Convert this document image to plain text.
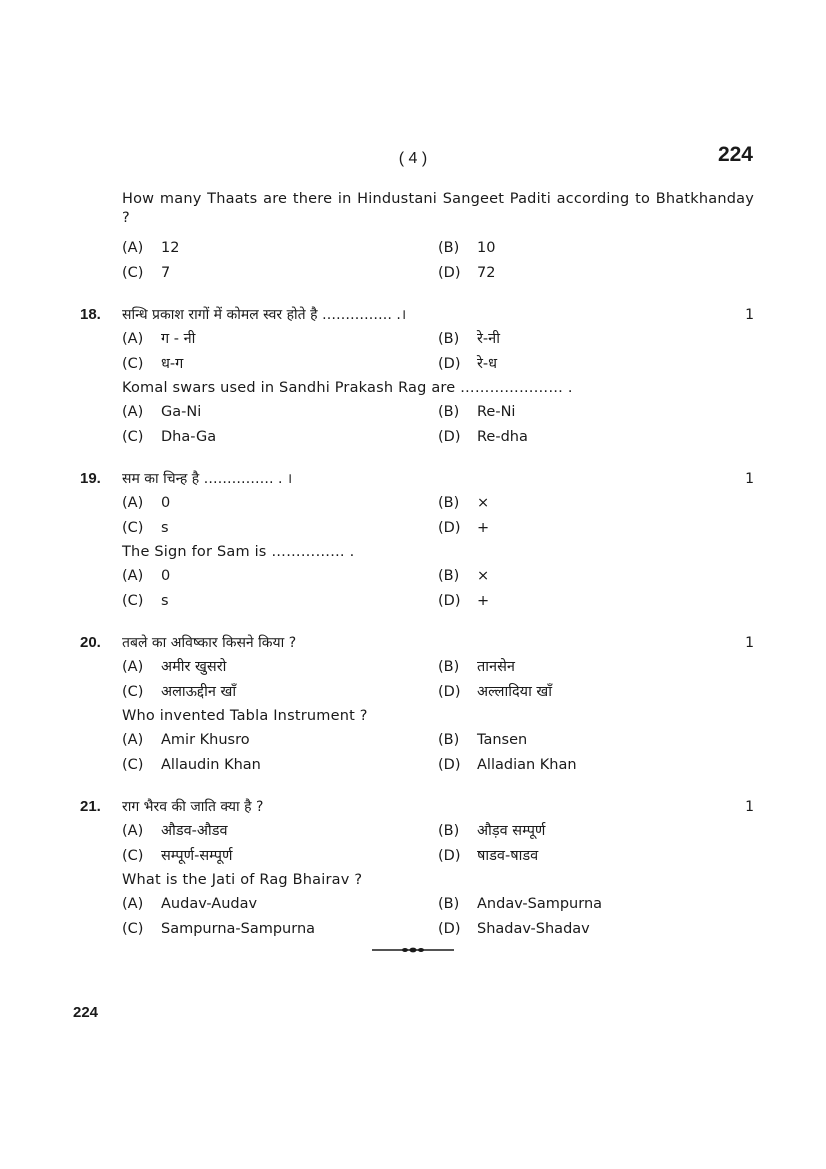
( 4 )	224
How many Thaats are there in Hindustani Sangeet Paditi according to Bhatkhanday ?
(A)	12	(B)	10
(C)	7	(D)	72
18. सन्धि प्रकाश रागों में कोमल स्वर होते है …………… .।	1
(A)	ग - नी	(B)	रे-नी
(C)	ध-ग	(D)	रे-ध
Komal swars used in Sandhi Prakash Rag are ………………… .
(A)	Ga-Ni	(B)	Re-Ni
(C)	Dha-Ga	(D)	Re-dha
19. सम का चिन्ह है …………… . ।	1
(A)	0	(B)	×
(C)	s	(D)	+
The Sign for Sam is …………… .
(A)	0	(B)	×
(C)	s	(D)	+
20. तबले का अविष्कार किसने किया ?	1
(A)	अमीर खुसरो	(B)	तानसेन
(C)	अलाऊद्दीन खाँ	(D)	अल्लादिया खाँ
Who invented Tabla Instrument ?
(A)	Amir Khusro	(B)	Tansen
(C)	Allaudin Khan	(D)	Alladian Khan
21. राग भैरव की जाति क्या है ?	1
(A)	औडव-औडव	(B)	औड़व सम्पूर्ण
(C)	सम्पूर्ण-सम्पूर्ण	(D)	षाडव-षाडव
What is the Jati of Rag Bhairav ?
(A)	Audav-Audav	(B)	Andav-Sampurna
(C)	Sampurna-Sampurna	(D)	Shadav-Shadav
224
